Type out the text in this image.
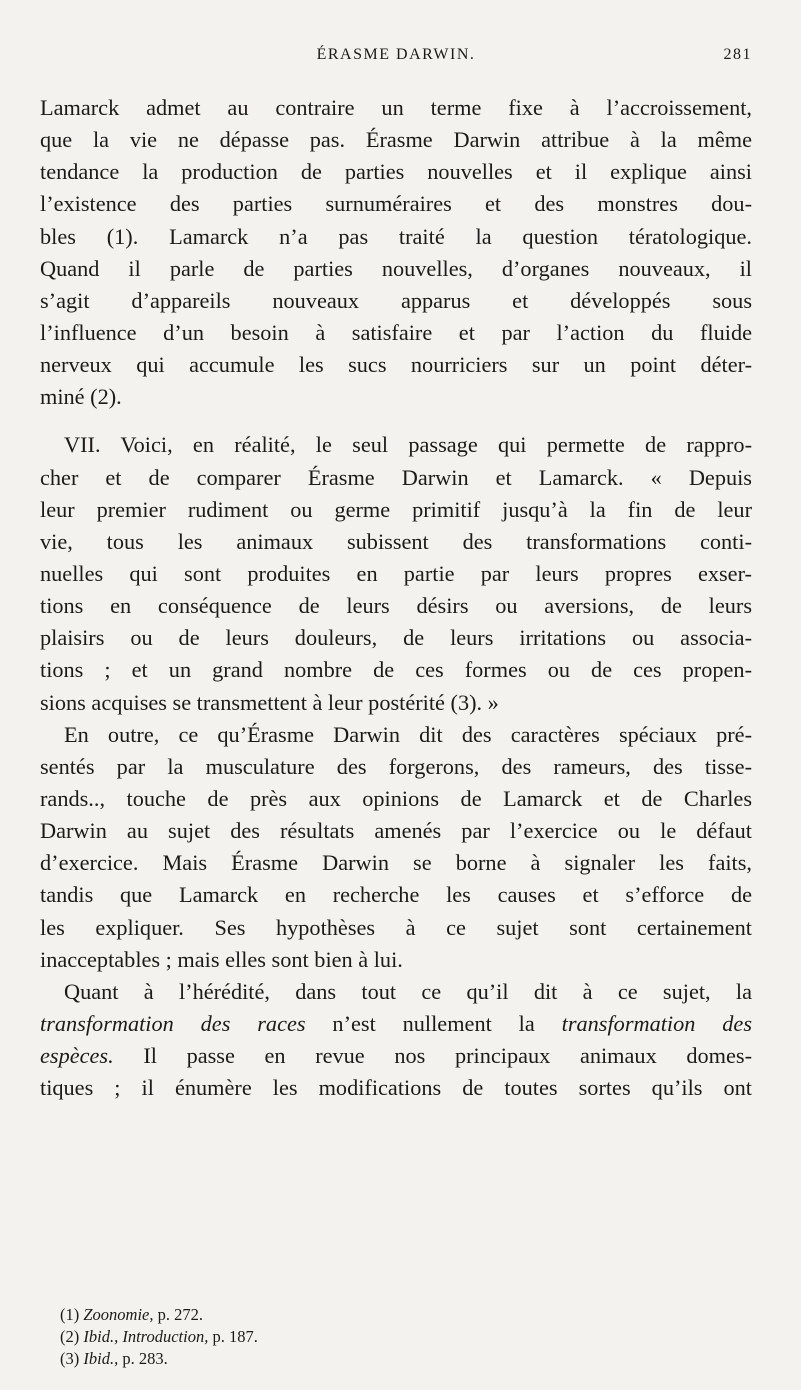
ÉRASME DARWIN.	281
Lamarck admet au contraire un terme fixe à l’accroissement,
que la vie ne dépasse pas. Érasme Darwin attribue à la même
tendance la production de parties nouvelles et il explique ainsi
l’existence des parties surnuméraires et des monstres dou-
bles (1). Lamarck n’a pas traité la question tératologique.
Quand il parle de parties nouvelles, d’organes nouveaux, il
s’agit d’appareils nouveaux apparus et développés sous
l’influence d’un besoin à satisfaire et par l’action du fluide
nerveux qui accumule les sucs nourriciers sur un point déter-
miné (2).
VII. Voici, en réalité, le seul passage qui permette de rappro-
cher et de comparer Érasme Darwin et Lamarck. « Depuis
leur premier rudiment ou germe primitif jusqu’à la fin de leur
vie, tous les animaux subissent des transformations conti-
nuelles qui sont produites en partie par leurs propres exser-
tions en conséquence de leurs désirs ou aversions, de leurs
plaisirs ou de leurs douleurs, de leurs irritations ou associa-
tions ; et un grand nombre de ces formes ou de ces propen-
sions acquises se transmettent à leur postérité (3). »
En outre, ce qu’Érasme Darwin dit des caractères spéciaux pré-
sentés par la musculature des forgerons, des rameurs, des tisse-
rands.., touche de près aux opinions de Lamarck et de Charles
Darwin au sujet des résultats amenés par l’exercice ou le défaut
d’exercice. Mais Érasme Darwin se borne à signaler les faits,
tandis que Lamarck en recherche les causes et s’efforce de
les expliquer. Ses hypothèses à ce sujet sont certainement
inacceptables ; mais elles sont bien à lui.
Quant à l’hérédité, dans tout ce qu’il dit à ce sujet, la
transformation des races n’est nullement la transformation des
espèces. Il passe en revue nos principaux animaux domes-
tiques ; il énumère les modifications de toutes sortes qu’ils ont
(1) Zoonomie, p. 272.
(2) Ibid., Introduction, p. 187.
(3) Ibid., p. 283.
